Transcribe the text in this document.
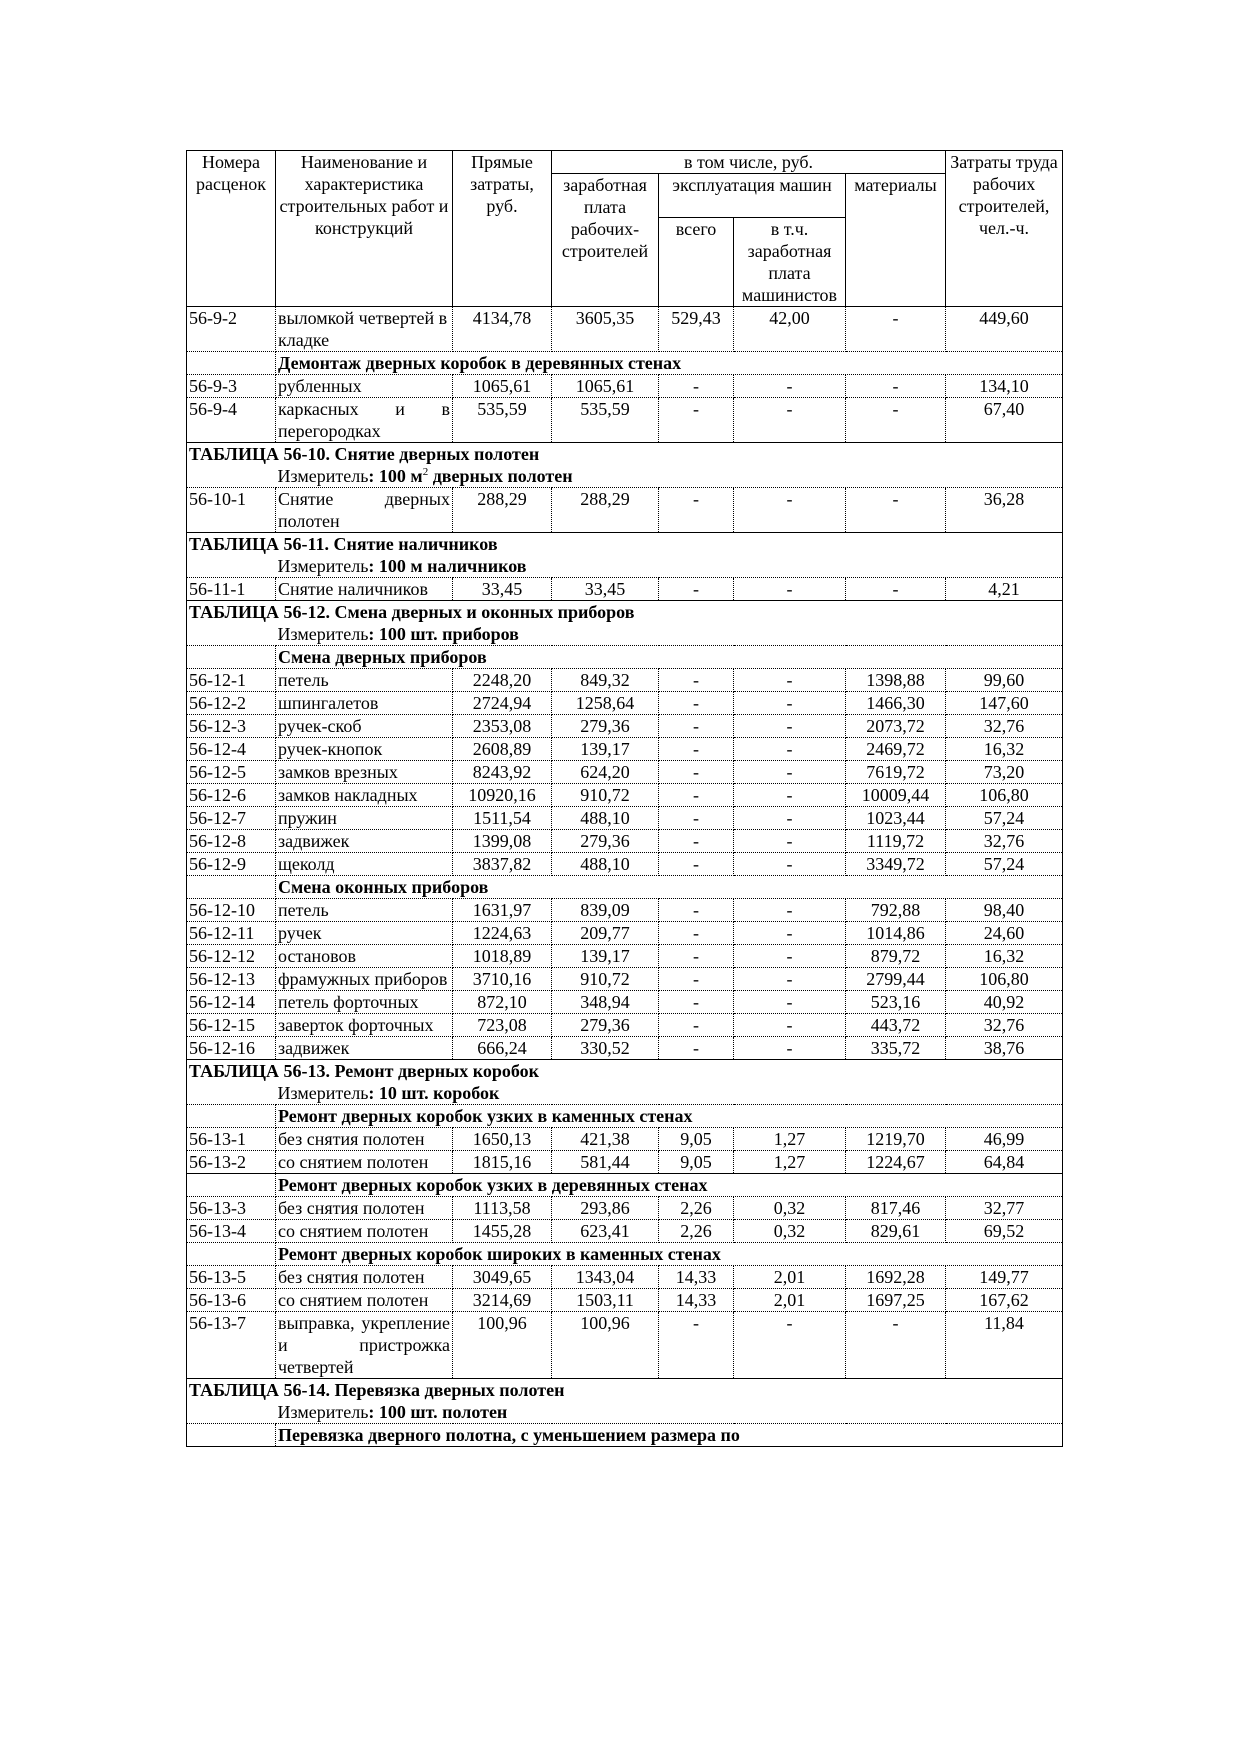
Номера расценок	Наименование и характеристика строительных работ и конструкций	Прямые затраты, руб.	в том числе, руб.				Затраты труда рабочих строителей, чел.-ч.
			заработная плата рабочих-строителей	эксплуатация машин		материалы	
				всего	в т.ч. заработная плата машинистов		

56-9-2	выломкой четвертей в кладке	4134,78	3605,35	529,43	42,00	-	449,60
	Демонтаж дверных коробок в деревянных стенах						
56-9-3	рубленных	1065,61	1065,61	-	-	-	134,10
56-9-4	каркасных и в перегородках	535,59	535,59	-	-	-	67,40
ТАБЛИЦА 56-10. Снятие дверных полотен							
	Измеритель: 100 $м^2$ дверных полотен						
56-10-1	Снятие дверных полотен	288,29	288,29	-	-	-	36,28
ТАБЛИЦА 56-11. Снятие наличников							
	Измеритель: 100 м наличников						
56-11-1	Снятие наличников	33,45	33,45	-	-	-	4,21
ТАБЛИЦА 56-12. Смена дверных и оконных приборов							
	Измеритель: 100 шт. приборов						
	Смена дверных приборов						
56-12-1	петель	2248,20	849,32	-	-	1398,88	99,60
56-12-2	шпингалетов	2724,94	1258,64	-	-	1466,30	147,60
56-12-3	ручек-скоб	2353,08	279,36	-	-	2073,72	32,76
56-12-4	ручек-кнопок	2608,89	139,17	-	-	2469,72	16,32
56-12-5	замков врезных	8243,92	624,20	-	-	7619,72	73,20
56-12-6	замков накладных	10920,16	910,72	-	-	10009,44	106,80
56-12-7	пружин	1511,54	488,10	-	-	1023,44	57,24
56-12-8	задвижек	1399,08	279,36	-	-	1119,72	32,76
56-12-9	щеколд	3837,82	488,10	-	-	3349,72	57,24
	Смена оконных приборов						
56-12-10	петель	1631,97	839,09	-	-	792,88	98,40
56-12-11	ручек	1224,63	209,77	-	-	1014,86	24,60
56-12-12	остановов	1018,89	139,17	-	-	879,72	16,32
56-12-13	фрамужных приборов	3710,16	910,72	-	-	2799,44	106,80
56-12-14	петель форточных	872,10	348,94	-	-	523,16	40,92
56-12-15	заверток форточных	723,08	279,36	-	-	443,72	32,76
56-12-16	задвижек	666,24	330,52	-	-	335,72	38,76
ТАБЛИЦА 56-13. Ремонт дверных коробок							
	Измеритель: 10 шт. коробок						
	Ремонт дверных коробок узких в каменных стенах						
56-13-1	без снятия полотен	1650,13	421,38	9,05	1,27	1219,70	46,99
56-13-2	со снятием полотен	1815,16	581,44	9,05	1,27	1224,67	64,84
	Ремонт дверных коробок узких в деревянных стенах						
56-13-3	без снятия полотен	1113,58	293,86	2,26	0,32	817,46	32,77
56-13-4	со снятием полотен	1455,28	623,41	2,26	0,32	829,61	69,52
	Ремонт дверных коробок широких в каменных стенах						
56-13-5	без снятия полотен	3049,65	1343,04	14,33	2,01	1692,28	149,77
56-13-6	со снятием полотен	3214,69	1503,11	14,33	2,01	1697,25	167,62
56-13-7	выправка, укрепление и пристрожка четвертей	100,96	100,96	-	-	-	11,84
ТАБЛИЦА 56-14. Перевязка дверных полотен							
	Измеритель: 100 шт. полотен						
	Перевязка дверного полотна, с уменьшением размера по						
